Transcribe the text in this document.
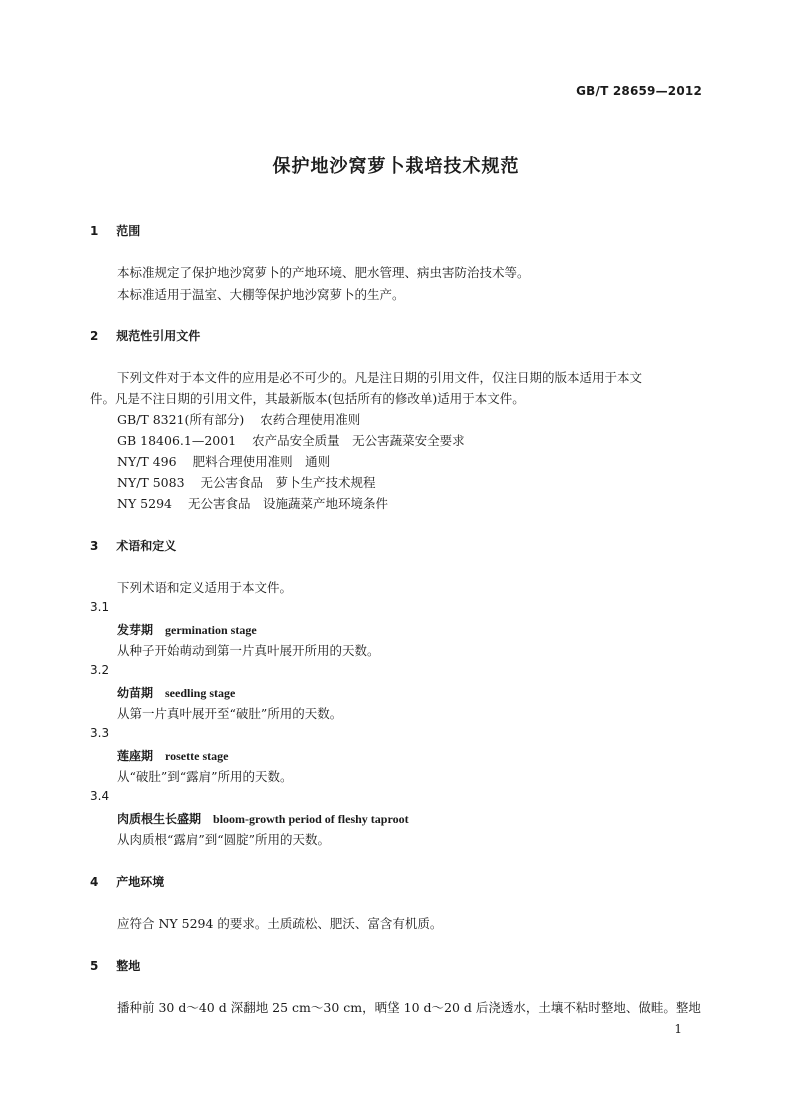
GB/T 28659—2012
保护地沙窝萝卜栽培技术规范
1 范围
本标准规定了保护地沙窝萝卜的产地环境、肥水管理、病虫害防治技术等。
本标准适用于温室、大棚等保护地沙窝萝卜的生产。
2 规范性引用文件
下列文件对于本文件的应用是必不可少的。凡是注日期的引用文件，仅注日期的版本适用于本文
件。凡是不注日期的引用文件，其最新版本(包括所有的修改单)适用于本文件。
GB/T 8321(所有部分) 农药合理使用准则
GB 18406.1—2001 农产品安全质量　无公害蔬菜安全要求
NY/T 496 肥料合理使用准则　通则
NY/T 5083 无公害食品　萝卜生产技术规程
NY 5294 无公害食品　设施蔬菜产地环境条件
3 术语和定义
下列术语和定义适用于本文件。
3.1
发芽期 germination stage
从种子开始萌动到第一片真叶展开所用的天数。
3.2
幼苗期 seedling stage
从第一片真叶展开至“破肚”所用的天数。
3.3
莲座期 rosette stage
从“破肚”到“露肩”所用的天数。
3.4
肉质根生长盛期 bloom-growth period of fleshy taproot
从肉质根“露肩”到“圆腚”所用的天数。
4 产地环境
应符合 NY 5294 的要求。土质疏松、肥沃、富含有机质。
5 整地
播种前 30 d～40 d 深翻地 25 cm～30 cm，晒垡 10 d～20 d 后浇透水，土壤不粘时整地、做畦。整地
1
